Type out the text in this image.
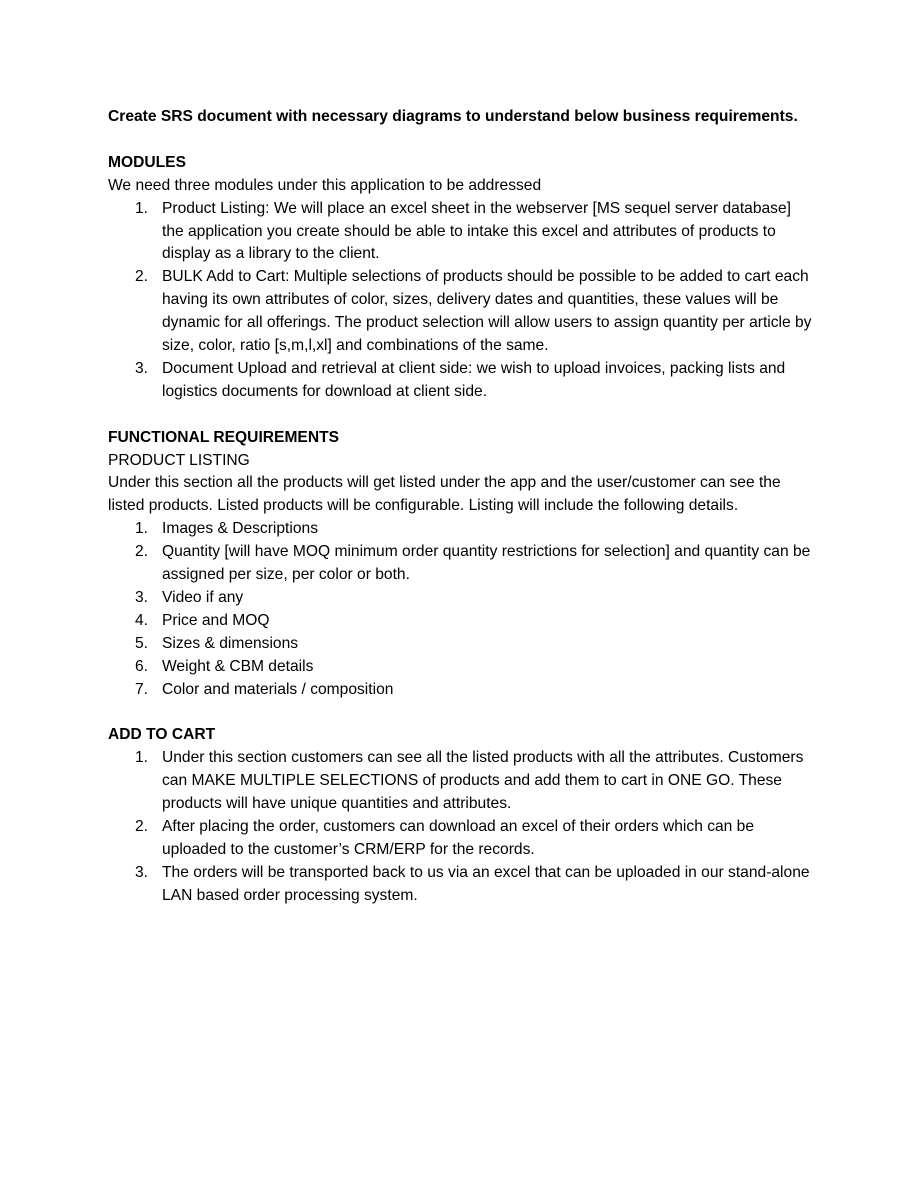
Create SRS document with necessary diagrams to understand below business requirements.

MODULES

We need three modules under this application to be addressed

1. Product Listing: We will place an excel sheet in the webserver [MS sequel server database] the application you create should be able to intake this excel and attributes of products to display as a library to the client.
2. BULK Add to Cart: Multiple selections of products should be possible to be added to cart each having its own attributes of color, sizes, delivery dates and quantities, these values will be dynamic for all offerings. The product selection will allow users to assign quantity per article by size, color, ratio [s,m,l,xl] and combinations of the same.
3. Document Upload and retrieval at client side: we wish to upload invoices, packing lists and logistics documents for download at client side.

FUNCTIONAL REQUIREMENTS

PRODUCT LISTING

Under this section all the products will get listed under the app and the user/customer can see the listed products. Listed products will be configurable. Listing will include the following details.

1. Images & Descriptions
2. Quantity [will have MOQ minimum order quantity restrictions for selection] and quantity can be assigned per size, per color or both.
3. Video if any
4. Price and MOQ
5. Sizes & dimensions
6. Weight & CBM details
7. Color and materials / composition

ADD TO CART

1. Under this section customers can see all the listed products with all the attributes. Customers can MAKE MULTIPLE SELECTIONS of products and add them to cart in ONE GO. These products will have unique quantities and attributes.
2. After placing the order, customers can download an excel of their orders which can be uploaded to the customer’s CRM/ERP for the records.
3. The orders will be transported back to us via an excel that can be uploaded in our stand-alone LAN based order processing system.
